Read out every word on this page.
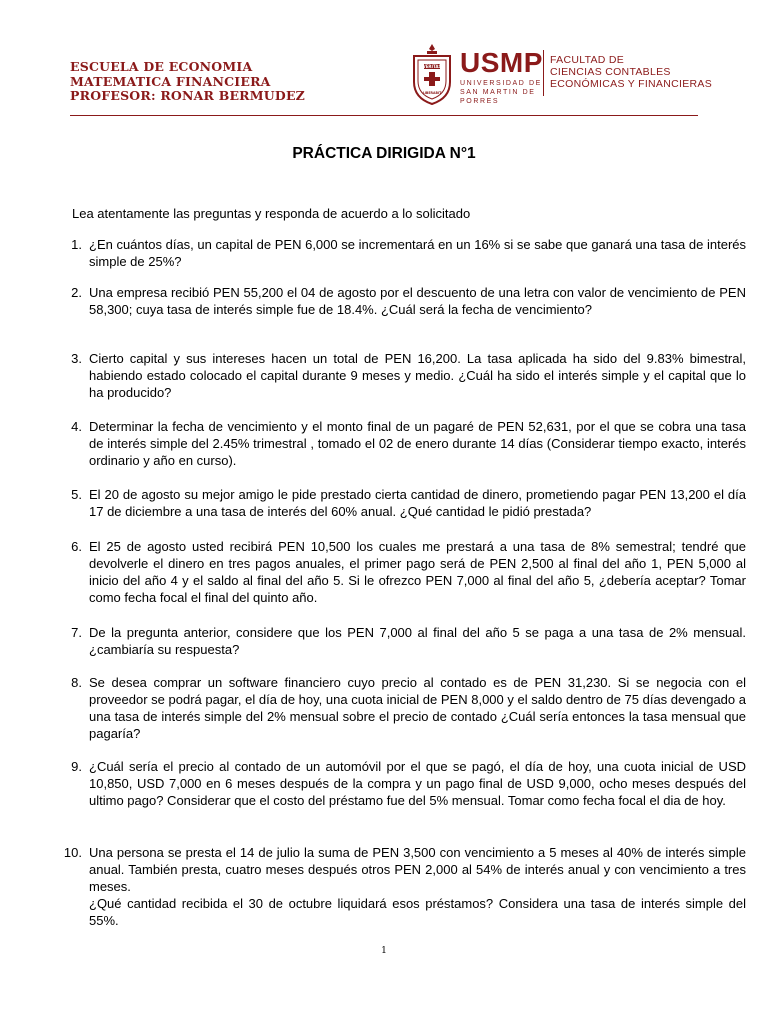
ESCUELA DE ECONOMIA
MATEMATICA FINANCIERA
PROFESOR: RONAR BERMUDEZ
VERITAS
LIBERABIT
USMP
UNIVERSIDAD DE SAN MARTIN DE PORRES
FACULTAD DE
CIENCIAS CONTABLES
ECONÓMICAS Y FINANCIERAS
PRÁCTICA DIRIGIDA N°1
Lea atentamente las preguntas y responda de acuerdo a lo solicitado
1. ¿En cuántos días, un capital de PEN 6,000 se incrementará en un 16% si se sabe que ganará una tasa de interés simple de 25%?
2. Una empresa recibió PEN 55,200 el 04 de agosto por el descuento de una letra con valor de vencimiento de PEN 58,300; cuya tasa de interés simple fue de 18.4%. ¿Cuál será la fecha de vencimiento?
3. Cierto capital y sus intereses hacen un total de PEN 16,200. La tasa aplicada ha sido del 9.83% bimestral, habiendo estado colocado el capital durante 9 meses y medio. ¿Cuál ha sido el interés simple y el capital que lo ha producido?
4. Determinar la fecha de vencimiento y el monto final de un pagaré de PEN 52,631, por el que se cobra una tasa de interés simple del 2.45% trimestral , tomado el 02 de enero durante 14 días (Considerar tiempo exacto, interés ordinario y año en curso).
5. El 20 de agosto su mejor amigo le pide prestado cierta cantidad de dinero, prometiendo pagar PEN 13,200 el día 17 de diciembre a una tasa de interés del 60% anual. ¿Qué cantidad le pidió prestada?
6. El 25 de agosto usted recibirá PEN 10,500 los cuales me prestará a una tasa de 8% semestral; tendré que devolverle el dinero en tres pagos anuales, el primer pago será de PEN 2,500 al final del año 1, PEN 5,000 al inicio del año 4 y el saldo al final del año 5. Si le ofrezco PEN 7,000 al final del año 5, ¿debería aceptar? Tomar como fecha focal el final del quinto año.
7. De la pregunta anterior, considere que los PEN 7,000 al final del año 5 se paga a una tasa de 2% mensual. ¿cambiaría su respuesta?
8. Se desea comprar un software financiero cuyo precio al contado es de PEN 31,230. Si se negocia con el proveedor se podrá pagar, el día de hoy, una cuota inicial de PEN 8,000 y el saldo dentro de 75 días devengado a una tasa de interés simple del 2% mensual sobre el precio de contado ¿Cuál sería entonces la tasa mensual que pagaría?
9. ¿Cuál sería el precio al contado de un automóvil por el que se pagó, el día de hoy, una cuota inicial de USD 10,850, USD 7,000 en 6 meses después de la compra y un pago final de USD 9,000, ocho meses después del ultimo pago? Considerar que el costo del préstamo fue del 5% mensual. Tomar como fecha focal el dia de hoy.
10. Una persona se presta el 14 de julio la suma de PEN 3,500 con vencimiento a 5 meses al 40% de interés simple anual. También presta, cuatro meses después otros PEN 2,000 al 54% de interés anual y con vencimiento a tres meses.
¿Qué cantidad recibida el 30 de octubre liquidará esos préstamos? Considera una tasa de interés simple del 55%.
1
